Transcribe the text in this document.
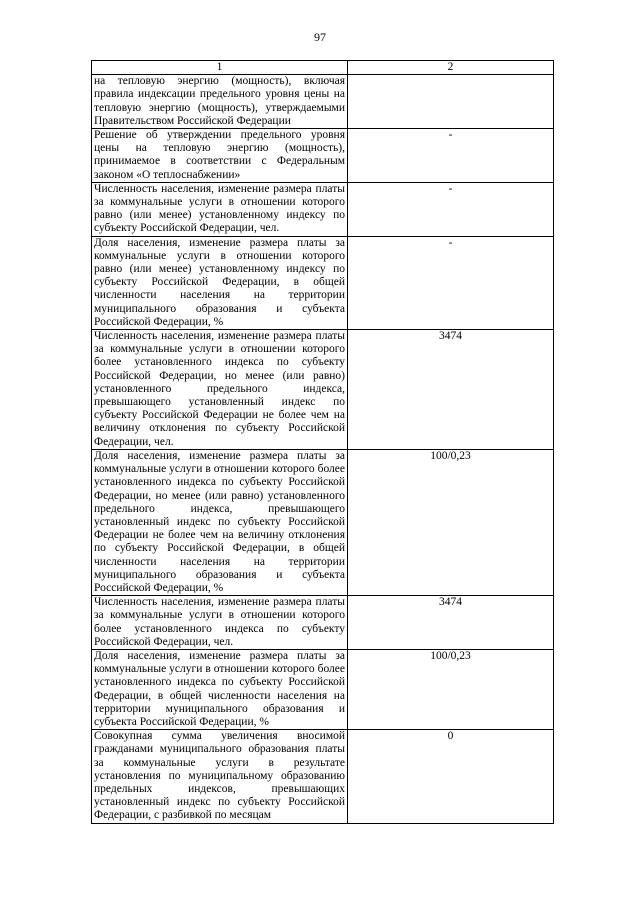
97
1	2
на тепловую энергию (мощность), включая правила индексации предельного уровня цены на тепловую энергию (мощность), утверждаемыми Правительством Российской Федерации	
Решение об утверждении предельного уровня цены на тепловую энергию (мощность), принимаемое в соответствии с Федеральным законом «О теплоснабжении»	-
Численность населения, изменение размера платы за коммунальные услуги в отношении которого равно (или менее) установленному индексу по субъекту Российской Федерации, чел.	-
Доля населения, изменение размера платы за коммунальные услуги в отношении которого равно (или менее) установленному индексу по субъекту Российской Федерации, в общей численности населения на территории муниципального образования и субъекта Российской Федерации, %	-
Численность населения, изменение размера платы за коммунальные услуги в отношении которого более установленного индекса по субъекту Российской Федерации, но менее (или равно) установленного предельного индекса, превышающего установленный индекс по субъекту Российской Федерации не более чем на величину отклонения по субъекту Российской Федерации, чел.	3474
Доля населения, изменение размера платы за коммунальные услуги в отношении которого более установленного индекса по субъекту Российской Федерации, но менее (или равно) установленного предельного индекса, превышающего установленный индекс по субъекту Российской Федерации не более чем на величину отклонения по субъекту Российской Федерации, в общей численности населения на территории муниципального образования и субъекта Российской Федерации, %	100/0,23
Численность населения, изменение размера платы за коммунальные услуги в отношении которого более установленного индекса по субъекту Российской Федерации, чел.	3474
Доля населения, изменение размера платы за коммунальные услуги в отношении которого более установленного индекса по субъекту Российской Федерации, в общей численности населения на территории муниципального образования и субъекта Российской Федерации, %	100/0,23
Совокупная сумма увеличения вносимой гражданами муниципального образования платы за коммунальные услуги в результате установления по муниципальному образованию предельных индексов, превышающих установленный индекс по субъекту Российской Федерации, с разбивкой по месяцам	0
